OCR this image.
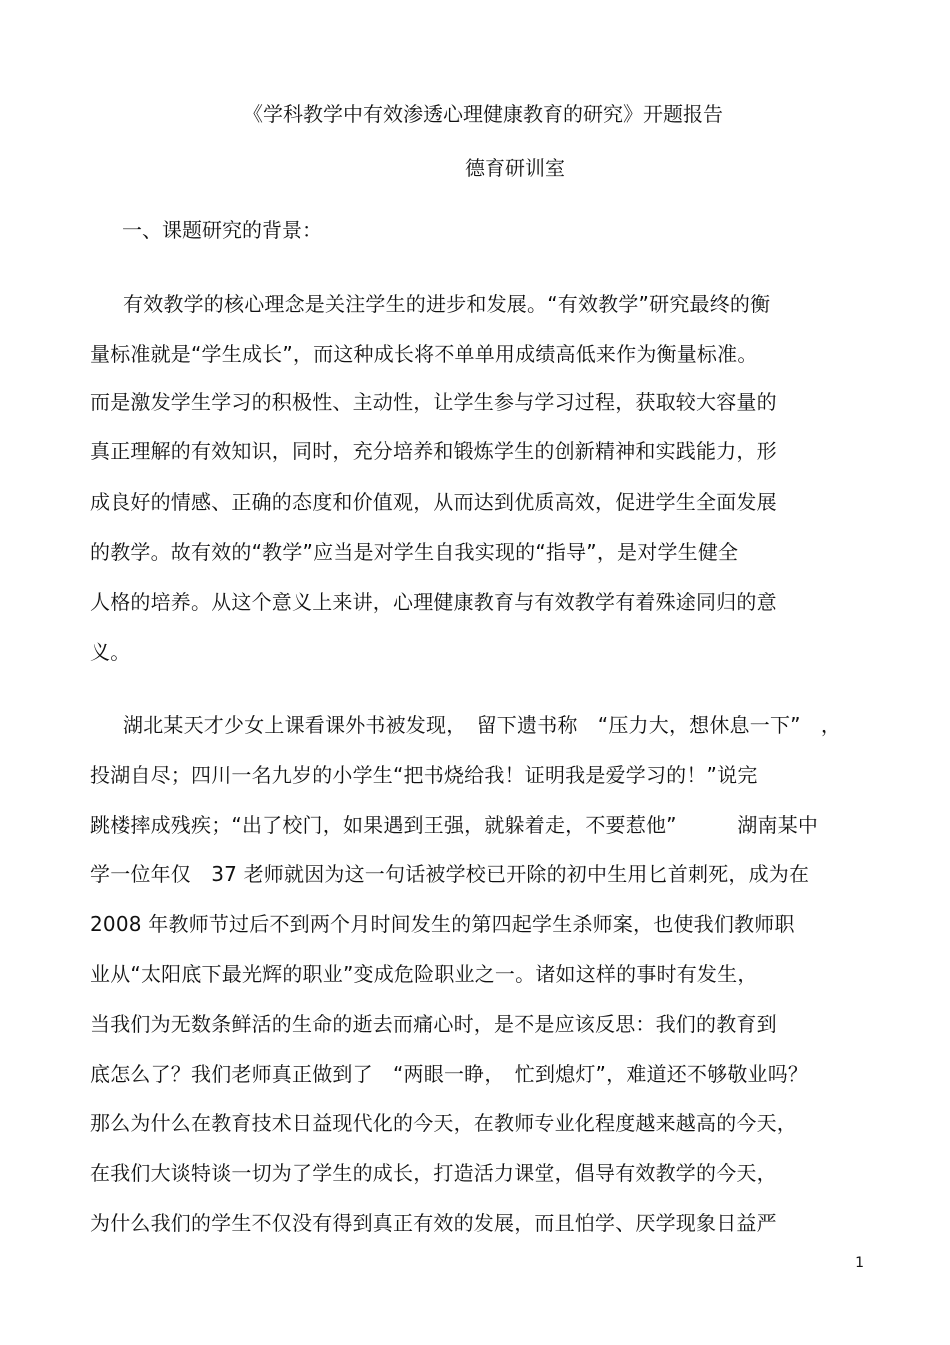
《学科教学中有效渗透心理健康教育的研究》开题报告
德育研训室
一、课题研究的背景：
有效教学的核心理念是关注学生的进步和发展。“有效教学”研究最终的衡
量标准就是“学生成长”，而这种成长将不单单用成绩高低来作为衡量标准。
而是激发学生学习的积极性、主动性，让学生参与学习过程，获取较大容量的
真正理解的有效知识，同时，充分培养和锻炼学生的创新精神和实践能力，形
成良好的情感、正确的态度和价值观，从而达到优质高效，促进学生全面发展
的教学。故有效的“教学”应当是对学生自我实现的“指导”，是对学生健全
人格的培养。从这个意义上来讲，心理健康教育与有效教学有着殊途同归的意
义。
湖北某天才少女上课看课外书被发现，　留下遗书称　“压力大，想休息一下”　，
投湖自尽；四川一名九岁的小学生“把书烧给我！证明我是爱学习的！”说完
跳楼摔成残疾；“出了校门，如果遇到王强，就躲着走，不要惹他”　　　湖南某中
学一位年仅　37 老师就因为这一句话被学校已开除的初中生用匕首刺死，成为在
2008 年教师节过后不到两个月时间发生的第四起学生杀师案，也使我们教师职
业从“太阳底下最光辉的职业”变成危险职业之一。诸如这样的事时有发生，
当我们为无数条鲜活的生命的逝去而痛心时，是不是应该反思：我们的教育到
底怎么了？我们老师真正做到了　“两眼一睁，　忙到熄灯”，难道还不够敬业吗？
那么为什么在教育技术日益现代化的今天，在教师专业化程度越来越高的今天，
在我们大谈特谈一切为了学生的成长，打造活力课堂，倡导有效教学的今天，
为什么我们的学生不仅没有得到真正有效的发展，而且怕学、厌学现象日益严
1
